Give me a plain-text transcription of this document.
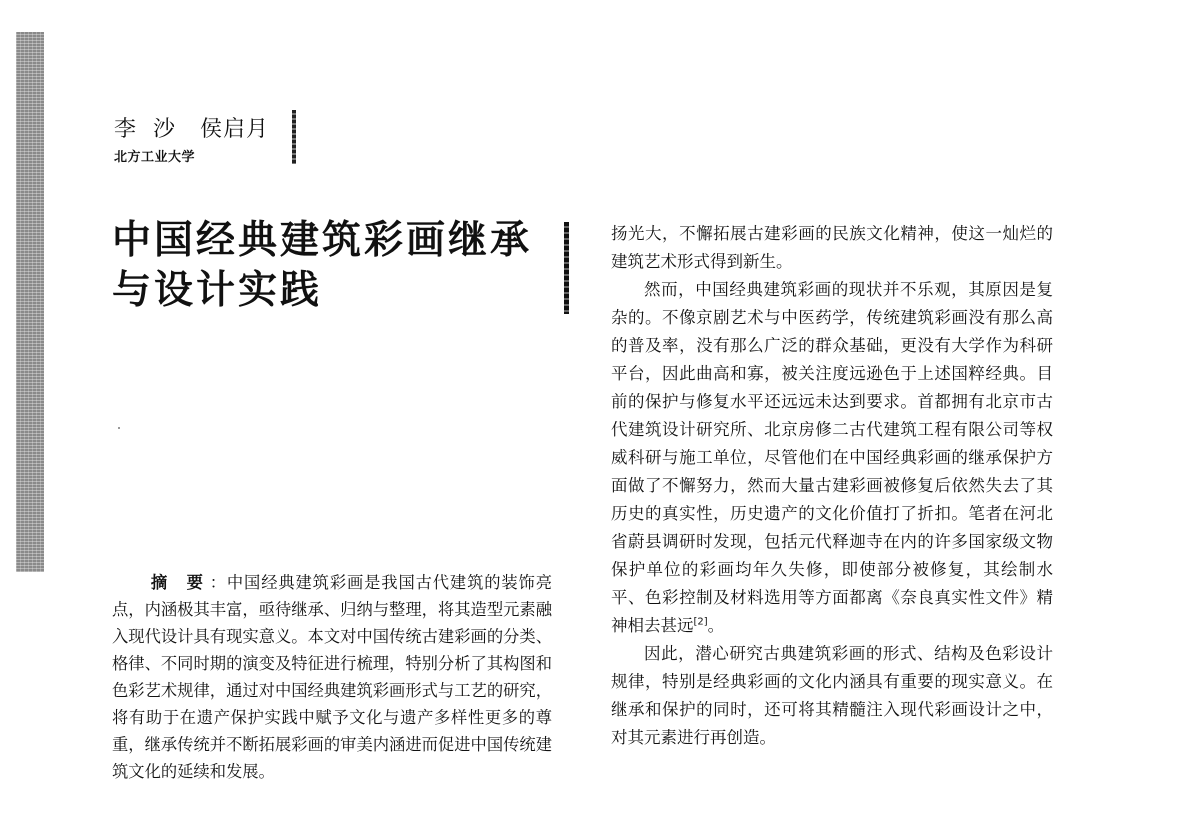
李  沙   侯启月
北方工业大学
中国经典建筑彩画继承
与设计实践
摘 要：中国经典建筑彩画是我国古代建筑的装饰亮点，内涵极其丰富，亟待继承、归纳与整理，将其造型元素融入现代设计具有现实意义。本文对中国传统古建彩画的分类、格律、不同时期的演变及特征进行梳理，特别分析了其构图和色彩艺术规律，通过对中国经典建筑彩画形式与工艺的研究，将有助于在遗产保护实践中赋予文化与遗产多样性更多的尊重，继承传统并不断拓展彩画的审美内涵进而促进中国传统建筑文化的延续和发展。

扬光大，不懈拓展古建彩画的民族文化精神，使这一灿烂的建筑艺术形式得到新生。

然而，中国经典建筑彩画的现状并不乐观，其原因是复杂的。不像京剧艺术与中医药学，传统建筑彩画没有那么高的普及率，没有那么广泛的群众基础，更没有大学作为科研平台，因此曲高和寡，被关注度远逊色于上述国粹经典。目前的保护与修复水平还远远未达到要求。首都拥有北京市古代建筑设计研究所、北京房修二古代建筑工程有限公司等权威科研与施工单位，尽管他们在中国经典彩画的继承保护方面做了不懈努力，然而大量古建彩画被修复后依然失去了其历史的真实性，历史遗产的文化价值打了折扣。笔者在河北省蔚县调研时发现，包括元代释迦寺在内的许多国家级文物保护单位的彩画均年久失修，即使部分被修复，其绘制水平、色彩控制及材料选用等方面都离《奈良真实性文件》精神相去甚远[2]。

因此，潜心研究古典建筑彩画的形式、结构及色彩设计规律，特别是经典彩画的文化内涵具有重要的现实意义。在继承和保护的同时，还可将其精髓注入现代彩画设计之中，对其元素进行再创造。
